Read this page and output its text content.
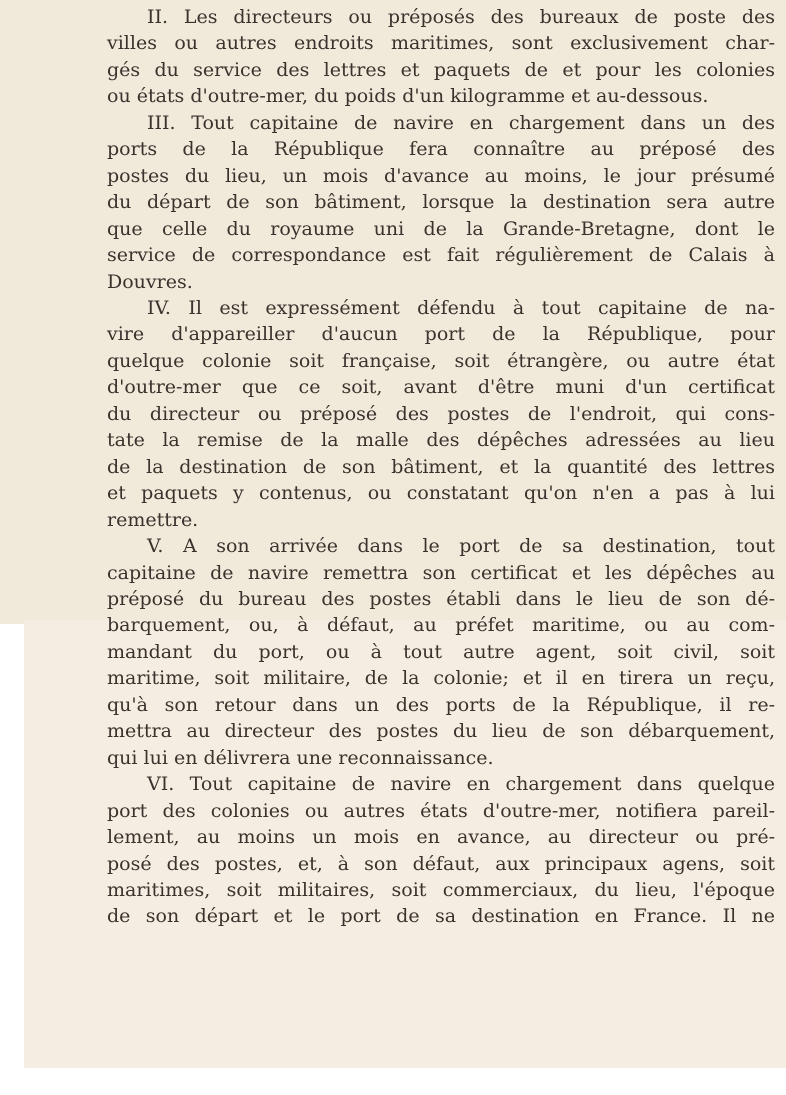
II. Les directeurs ou préposés des bureaux de poste des
villes ou autres endroits maritimes, sont exclusivement char-
gés du service des lettres et paquets de et pour les colonies
ou états d'outre-mer, du poids d'un kilogramme et au-dessous.

III. Tout capitaine de navire en chargement dans un des
ports de la République fera connaître au préposé des
postes du lieu, un mois d'avance au moins, le jour présumé
du départ de son bâtiment, lorsque la destination sera autre
que celle du royaume uni de la Grande-Bretagne, dont le
service de correspondance est fait régulièrement de Calais à
Douvres.

IV. Il est expressément défendu à tout capitaine de na-
vire d'appareiller d'aucun port de la République, pour
quelque colonie soit française, soit étrangère, ou autre état
d'outre-mer que ce soit, avant d'être muni d'un certificat
du directeur ou préposé des postes de l'endroit, qui cons-
tate la remise de la malle des dépêches adressées au lieu
de la destination de son bâtiment, et la quantité des lettres
et paquets y contenus, ou constatant qu'on n'en a pas à lui
remettre.

V. A son arrivée dans le port de sa destination, tout
capitaine de navire remettra son certificat et les dépêches au
préposé du bureau des postes établi dans le lieu de son dé-
barquement, ou, à défaut, au préfet maritime, ou au com-
mandant du port, ou à tout autre agent, soit civil, soit
maritime, soit militaire, de la colonie; et il en tirera un reçu,
qu'à son retour dans un des ports de la République, il re-
mettra au directeur des postes du lieu de son débarquement,
qui lui en délivrera une reconnaissance.

VI. Tout capitaine de navire en chargement dans quelque
port des colonies ou autres états d'outre-mer, notifiera pareil-
lement, au moins un mois en avance, au directeur ou pré-
posé des postes, et, à son défaut, aux principaux agens, soit
maritimes, soit militaires, soit commerciaux, du lieu, l'époque
de son départ et le port de sa destination en France. Il ne
